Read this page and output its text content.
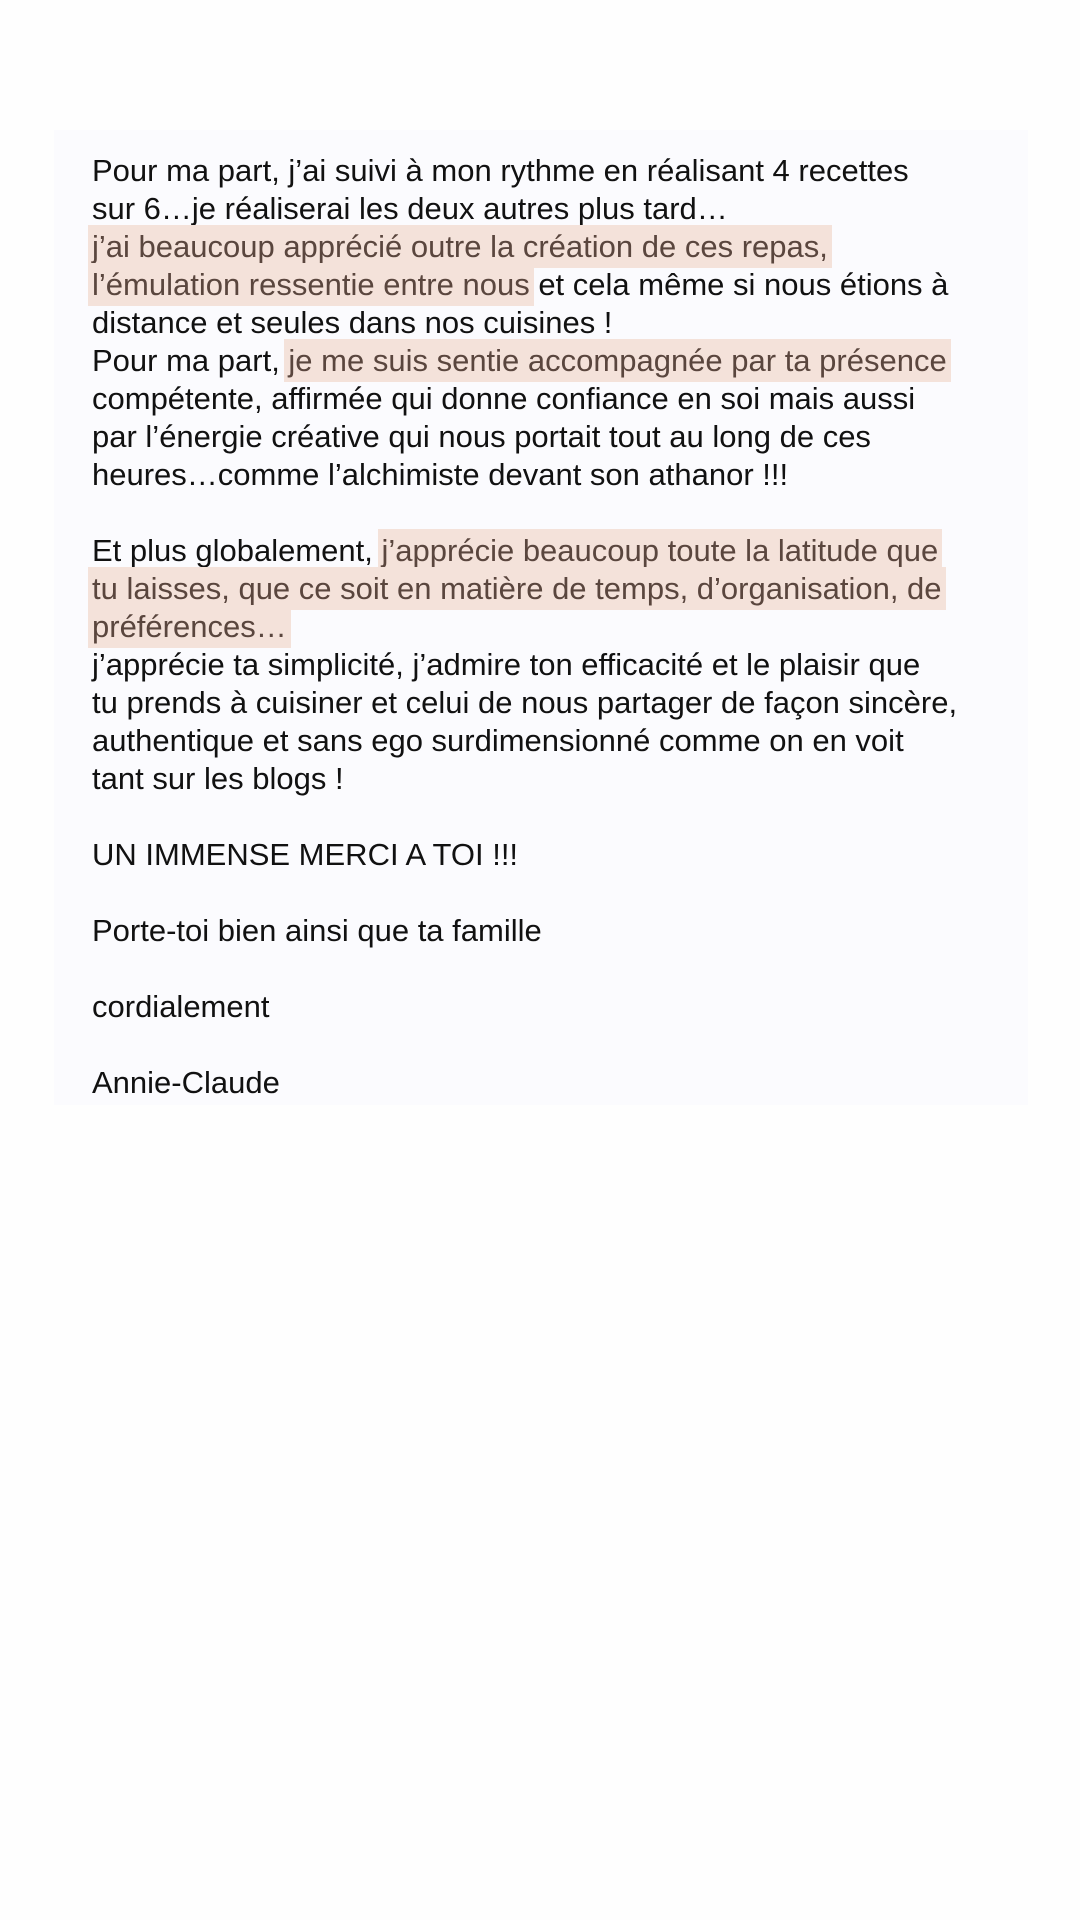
Pour ma part, j’ai suivi à mon rythme en réalisant 4 recettes
sur 6…je réaliserai les deux autres plus tard…
j’ai beaucoup apprécié outre la création de ces repas,
l’émulation ressentie entre nous et cela même si nous étions à
distance et seules dans nos cuisines !
Pour ma part, je me suis sentie accompagnée par ta présence
compétente, affirmée qui donne confiance en soi mais aussi
par l’énergie créative qui nous portait tout au long de ces
heures…comme l’alchimiste devant son athanor !!!
Et plus globalement, j’apprécie beaucoup toute la latitude que
tu laisses, que ce soit en matière de temps, d’organisation, de
préférences…
j’apprécie ta simplicité, j’admire ton efficacité et le plaisir que
tu prends à cuisiner et celui de nous partager de façon sincère,
authentique et sans ego surdimensionné comme on en voit
tant sur les blogs !
UN IMMENSE MERCI A TOI !!!
Porte-toi bien ainsi que ta famille
cordialement
Annie-Claude
